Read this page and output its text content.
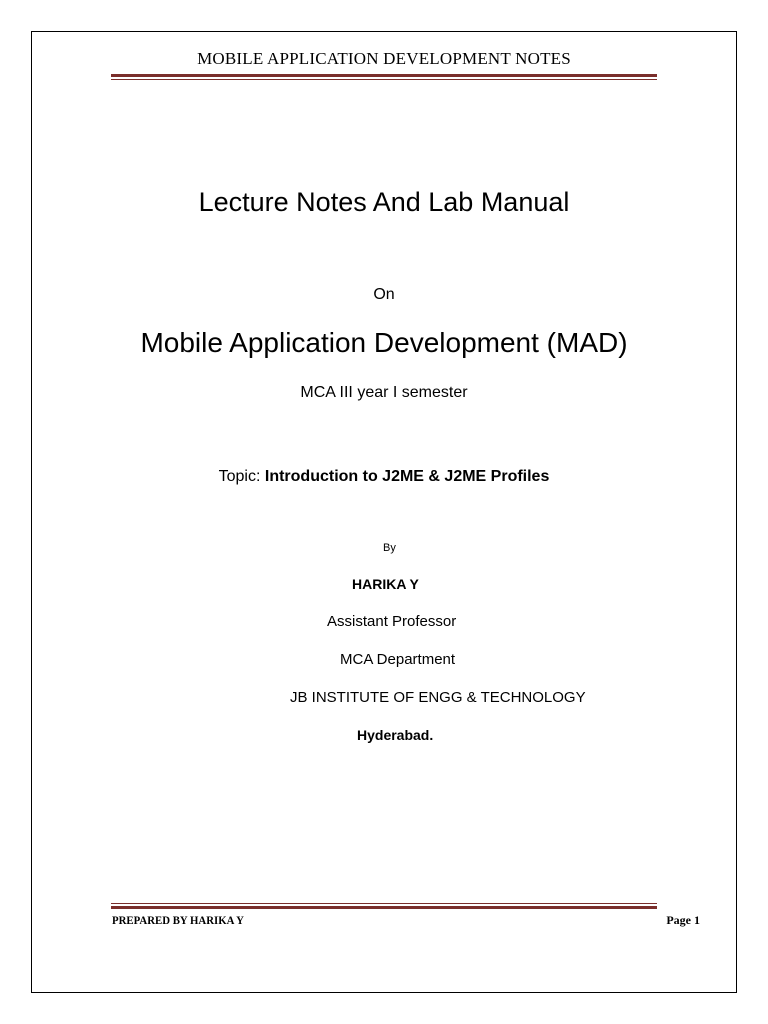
MOBILE APPLICATION DEVELOPMENT NOTES
Lecture Notes And Lab Manual
On
Mobile Application Development (MAD)
MCA III year I semester
Topic: Introduction to J2ME & J2ME Profiles
By
HARIKA Y
Assistant Professor
MCA Department
JB INSTITUTE OF ENGG & TECHNOLOGY
Hyderabad.
PREPARED BY HARIKA Y	Page 1
